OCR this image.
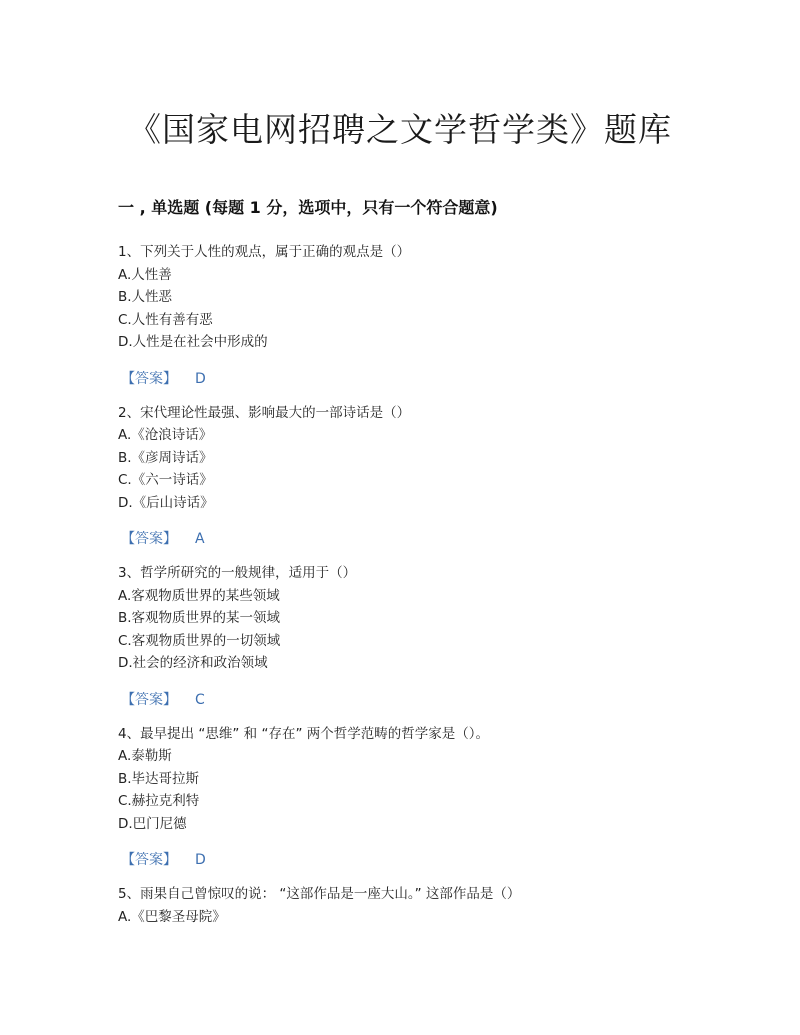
《国家电网招聘之文学哲学类》题库
一 , 单选题 (每题 1 分，选项中，只有一个符合题意)
1、下列关于人性的观点，属于正确的观点是（）
A.人性善
B.人性恶
C.人性有善有恶
D.人性是在社会中形成的
【答案】 D
2、宋代理论性最强、影响最大的一部诗话是（）
A.《沧浪诗话》
B.《彦周诗话》
C.《六一诗话》
D.《后山诗话》
【答案】 A
3、哲学所研究的一般规律，适用于（）
A.客观物质世界的某些领域
B.客观物质世界的某一领域
C.客观物质世界的一切领域
D.社会的经济和政治领域
【答案】 C
4、最早提出 “思维” 和 “存在” 两个哲学范畴的哲学家是（）。
A.泰勒斯
B.毕达哥拉斯
C.赫拉克利特
D.巴门尼德
【答案】 D
5、雨果自己曾惊叹的说： “这部作品是一座大山。” 这部作品是（）
A.《巴黎圣母院》
